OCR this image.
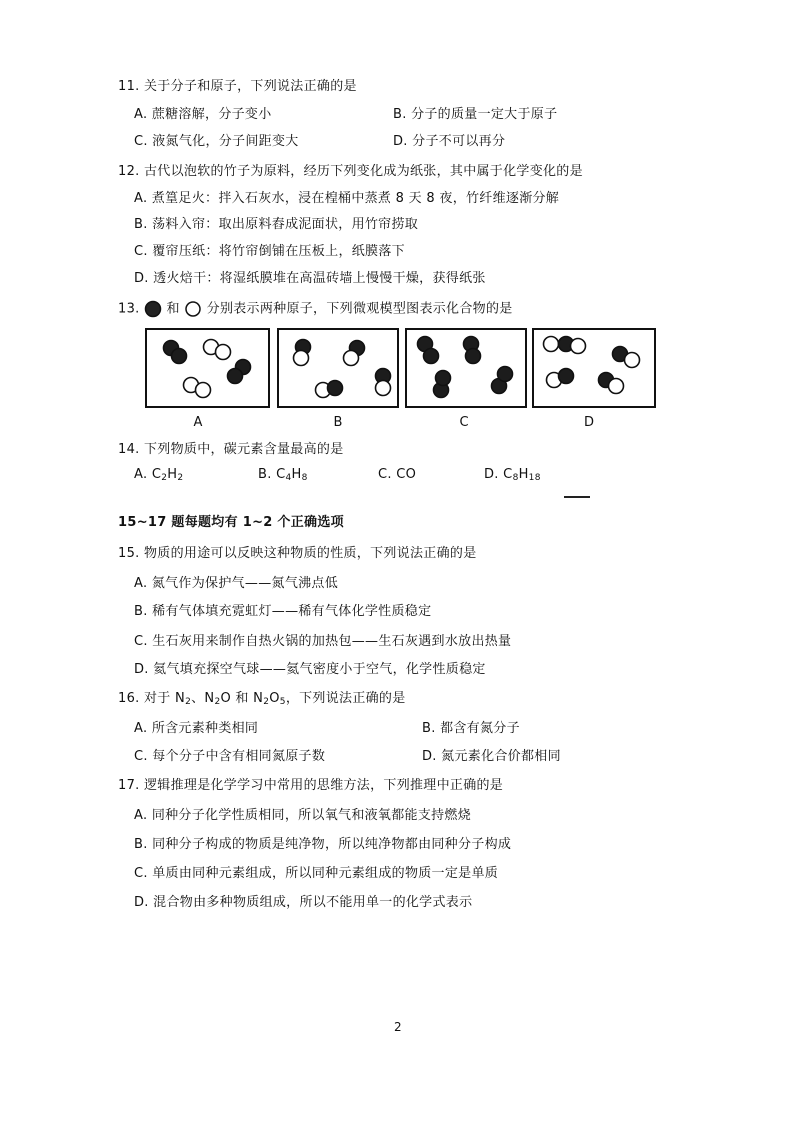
11. 关于分子和原子，下列说法正确的是
A. 蔗糖溶解，分子变小	B. 分子的质量一定大于原子
C. 液氮气化，分子间距变大	D. 分子不可以再分
12. 古代以泡软的竹子为原料，经历下列变化成为纸张，其中属于化学变化的是
A. 煮篁足火：拌入石灰水，浸在楻桶中蒸煮 8 天 8 夜，竹纤维逐渐分解
B. 荡料入帘：取出原料舂成泥面状，用竹帘捞取
C. 覆帘压纸：将竹帘倒铺在压板上，纸膜落下
D. 透火焙干：将湿纸膜堆在高温砖墙上慢慢干燥，获得纸张
13. 和 分别表示两种原子，下列微观模型图表示化合物的是
A	B	C	D
14. 下列物质中，碳元素含量最高的是
A. $C_2H_2$	B. $C_4H_8$	C. CO	D. $C_8H_{18}$
15~17 题每题均有 1~2 个正确选项
15. 物质的用途可以反映这种物质的性质，下列说法正确的是
A. 氮气作为保护气——氮气沸点低
B. 稀有气体填充霓虹灯——稀有气体化学性质稳定
C. 生石灰用来制作自热火锅的加热包——生石灰遇到水放出热量
D. 氦气填充探空气球——氦气密度小于空气，化学性质稳定
16. 对于 $N_2$、$N_2O$ 和 $N_2O_5$，下列说法正确的是
A. 所含元素种类相同	B. 都含有氮分子
C. 每个分子中含有相同氮原子数	D. 氮元素化合价都相同
17. 逻辑推理是化学学习中常用的思维方法，下列推理中正确的是
A. 同种分子化学性质相同，所以氧气和液氧都能支持燃烧
B. 同种分子构成的物质是纯净物，所以纯净物都由同种分子构成
C. 单质由同种元素组成，所以同种元素组成的物质一定是单质
D. 混合物由多种物质组成，所以不能用单一的化学式表示
2
